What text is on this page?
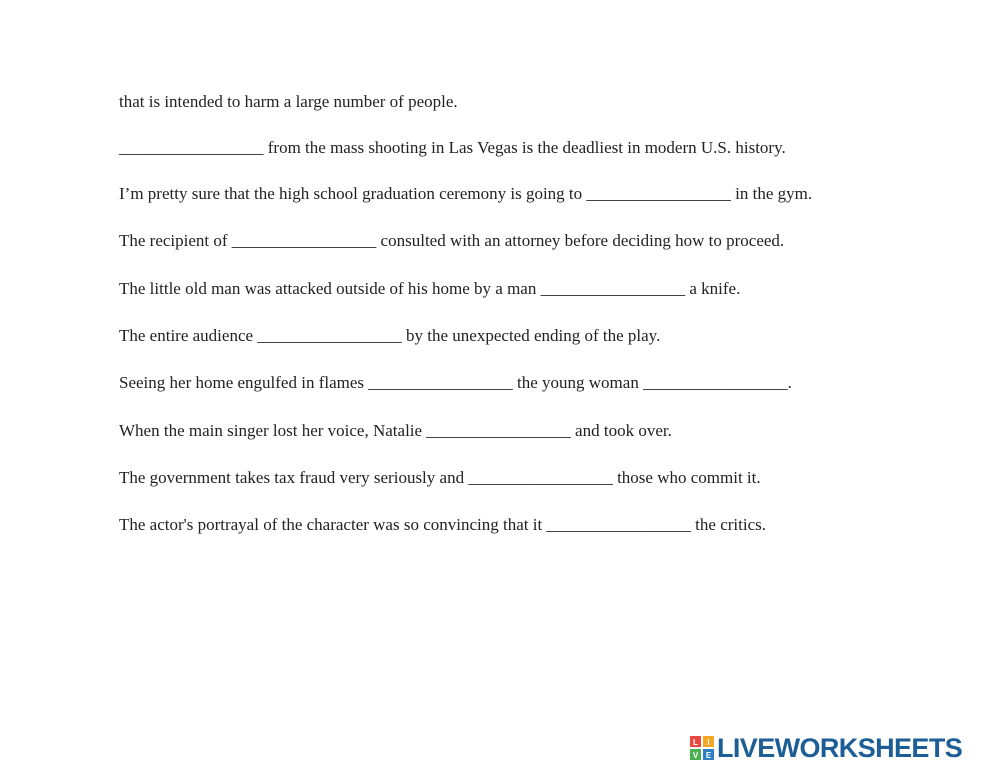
that is intended to harm a large number of people.
_________________ from the mass shooting in Las Vegas is the deadliest in modern U.S. history.
I’m pretty sure that the high school graduation ceremony is going to _________________ in the gym.
The recipient of _________________ consulted with an attorney before deciding how to proceed.
The little old man was attacked outside of his home by a man _________________ a knife.
The entire audience _________________ by the unexpected ending of the play.
Seeing her home engulfed in flames _________________ the young woman _________________.
When the main singer lost her voice, Natalie _________________ and took over.
The government takes tax fraud very seriously and _________________ those who commit it.
The actor's portrayal of the character was so convincing that it _________________ the critics.
L I
V E LIVEWORKSHEETS
